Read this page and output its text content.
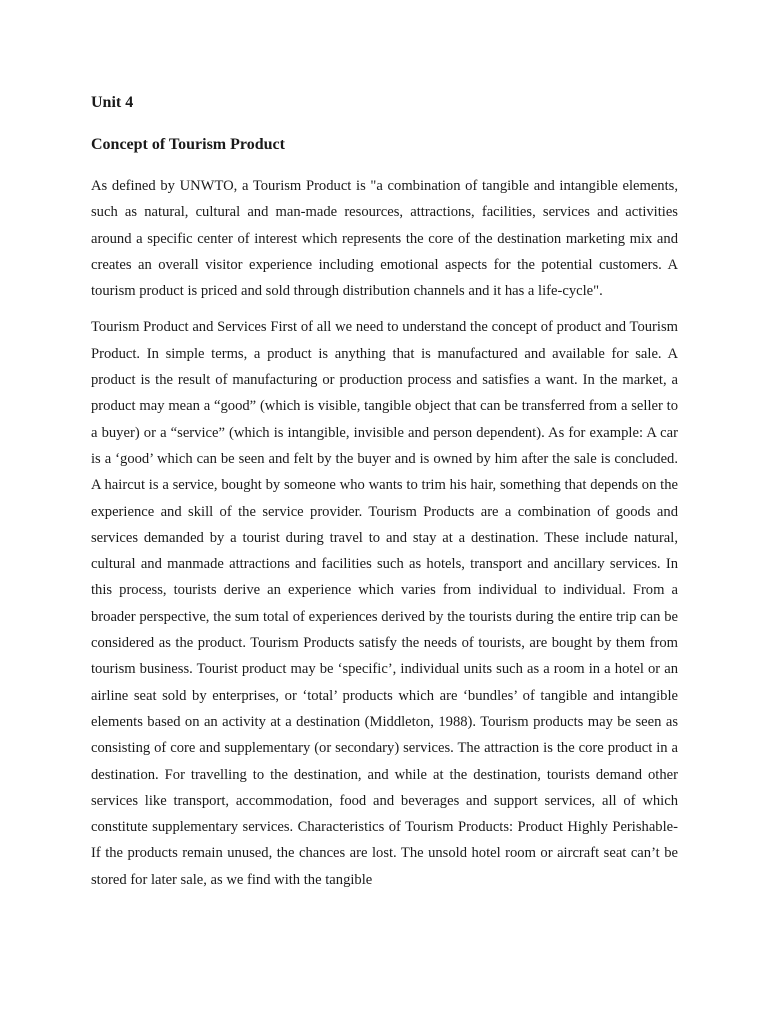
Unit 4
Concept of Tourism Product

As defined by UNWTO, a Tourism Product is "a combination of tangible and intangible elements, such as natural, cultural and man-made resources, attractions, facilities, services and activities around a specific center of interest which represents the core of the destination marketing mix and creates an overall visitor experience including emotional aspects for the potential customers. A tourism product is priced and sold through distribution channels and it has a life-cycle".

Tourism Product and Services First of all we need to understand the concept of product and Tourism Product. In simple terms, a product is anything that is manufactured and available for sale. A product is the result of manufacturing or production process and satisfies a want. In the market, a product may mean a “good” (which is visible, tangible object that can be transferred from a seller to a buyer) or a “service” (which is intangible, invisible and person dependent). As for example: A car is a ‘good’ which can be seen and felt by the buyer and is owned by him after the sale is concluded. A haircut is a service, bought by someone who wants to trim his hair, something that depends on the experience and skill of the service provider. Tourism Products are a combination of goods and services demanded by a tourist during travel to and stay at a destination. These include natural, cultural and manmade attractions and facilities such as hotels, transport and ancillary services. In this process, tourists derive an experience which varies from individual to individual. From a broader perspective, the sum total of experiences derived by the tourists during the entire trip can be considered as the product. Tourism Products satisfy the needs of tourists, are bought by them from tourism business. Tourist product may be ‘specific’, individual units such as a room in a hotel or an airline seat sold by enterprises, or ‘total’ products which are ‘bundles’ of tangible and intangible elements based on an activity at a destination (Middleton, 1988). Tourism products may be seen as consisting of core and supplementary (or secondary) services. The attraction is the core product in a destination. For travelling to the destination, and while at the destination, tourists demand other services like transport, accommodation, food and beverages and support services, all of which constitute supplementary services. Characteristics of Tourism Products: Product Highly Perishable- If the products remain unused, the chances are lost. The unsold hotel room or aircraft seat can’t be stored for later sale, as we find with the tangible
